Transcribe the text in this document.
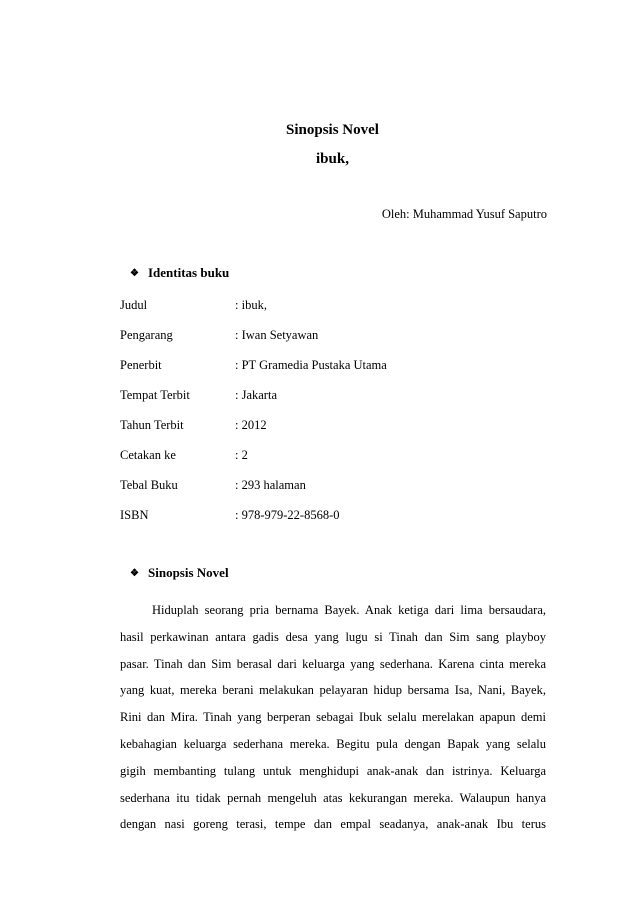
Sinopsis Novel
ibuk,
Oleh: Muhammad Yusuf Saputro
❖ Identitas buku
Judul	: ibuk,
Pengarang	: Iwan Setyawan
Penerbit	: PT Gramedia Pustaka Utama
Tempat Terbit	: Jakarta
Tahun Terbit	: 2012
Cetakan ke	: 2
Tebal Buku	: 293 halaman
ISBN	: 978-979-22-8568-0
❖ Sinopsis Novel
Hiduplah seorang pria bernama Bayek. Anak ketiga dari lima bersaudara,
hasil perkawinan antara gadis desa yang lugu si Tinah dan Sim sang playboy
pasar. Tinah dan Sim berasal dari keluarga yang sederhana. Karena cinta mereka
yang kuat, mereka berani melakukan pelayaran hidup bersama Isa, Nani, Bayek,
Rini dan Mira. Tinah yang berperan sebagai Ibuk selalu merelakan apapun demi
kebahagian keluarga sederhana mereka. Begitu pula dengan Bapak yang selalu
gigih membanting tulang untuk menghidupi anak-anak dan istrinya. Keluarga
sederhana itu tidak pernah mengeluh atas kekurangan mereka. Walaupun hanya
dengan nasi goreng terasi, tempe dan empal seadanya, anak-anak Ibu terus
